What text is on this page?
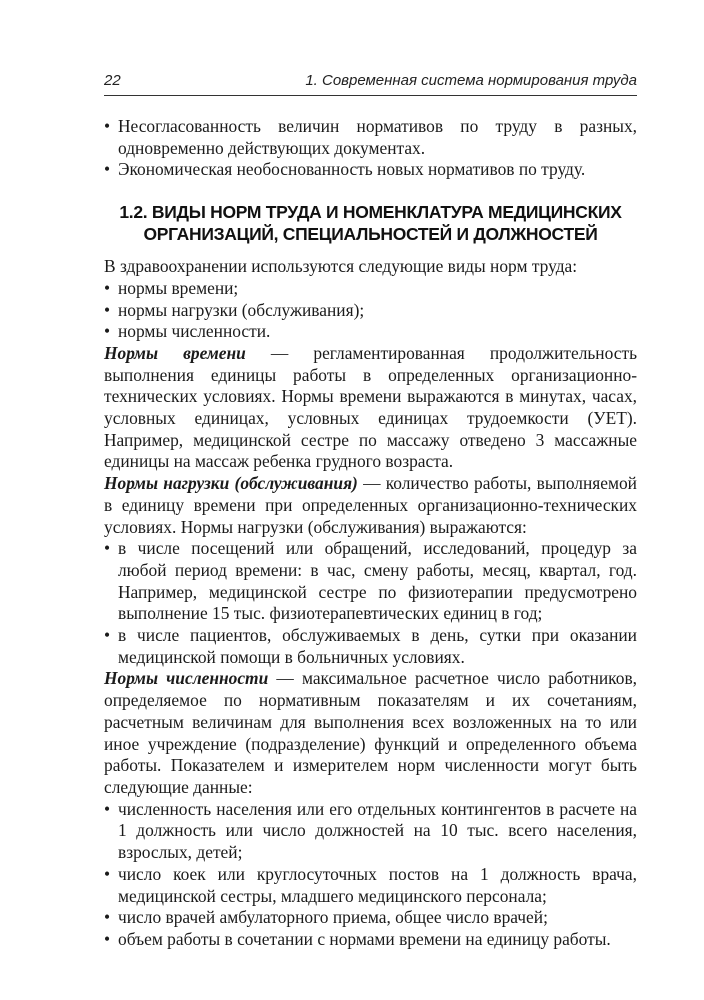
22	1. Современная система нормирования труда
• Несогласованность величин нормативов по труду в разных, одновременно действующих документах.
• Экономическая необоснованность новых нормативов по труду.
1.2. ВИДЫ НОРМ ТРУДА И НОМЕНКЛАТУРА МЕДИЦИНСКИХ
ОРГАНИЗАЦИЙ, СПЕЦИАЛЬНОСТЕЙ И ДОЛЖНОСТЕЙ

В здравоохранении используются следующие виды норм труда:

• нормы времени;
• нормы нагрузки (обслуживания);
• нормы численности.

Нормы времени — регламентированная продолжительность выполнения единицы работы в определенных организационно-технических условиях. Нормы времени выражаются в минутах, часах, условных единицах, условных единицах трудоемкости (УЕТ). Например, медицинской сестре по массажу отведено 3 массажные единицы на массаж ребенка грудного возраста.

Нормы нагрузки (обслуживания) — количество работы, выполняемой в единицу времени при определенных организационно-технических условиях. Нормы нагрузки (обслуживания) выражаются:

• в числе посещений или обращений, исследований, процедур за любой период времени: в час, смену работы, месяц, квартал, год. Например, медицинской сестре по физиотерапии предусмотрено выполнение 15 тыс. физиотерапевтических единиц в год;
• в числе пациентов, обслуживаемых в день, сутки при оказании медицинской помощи в больничных условиях.

Нормы численности — максимальное расчетное число работников, определяемое по нормативным показателям и их сочетаниям, расчетным величинам для выполнения всех возложенных на то или иное учреждение (подразделение) функций и определенного объема работы. Показателем и измерителем норм численности могут быть следующие данные:

• численность населения или его отдельных контингентов в расчете на 1 должность или число должностей на 10 тыс. всего населения, взрослых, детей;
• число коек или круглосуточных постов на 1 должность врача, медицинской сестры, младшего медицинского персонала;
• число врачей амбулаторного приема, общее число врачей;
• объем работы в сочетании с нормами времени на единицу работы.
